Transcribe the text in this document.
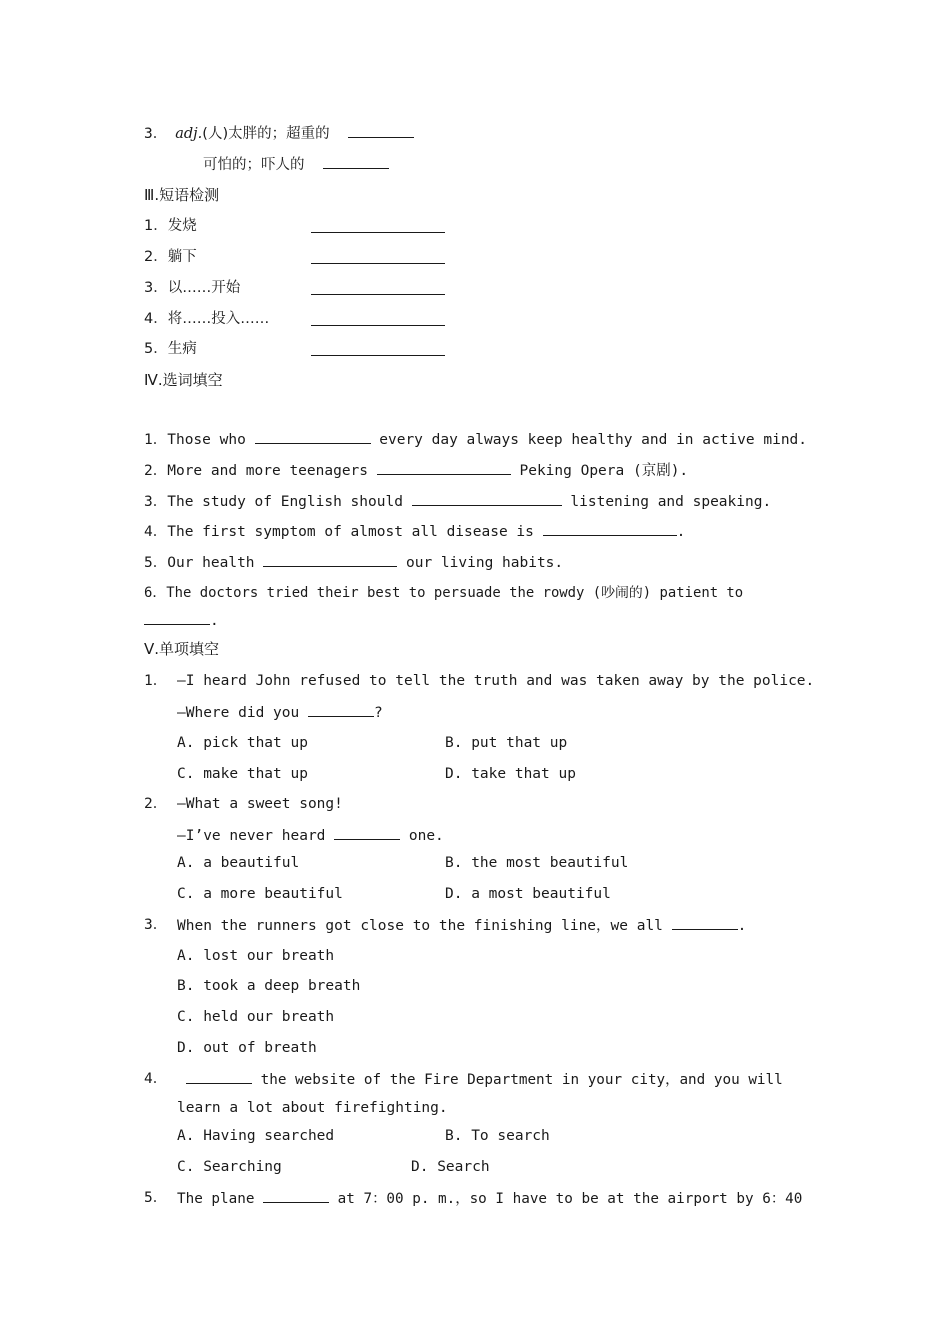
3． adj.(人)太胖的；超重的
可怕的；吓人的
Ⅲ.短语检测
1．发烧
2．躺下
3．以……开始
4．将……投入……
5．生病
Ⅳ.选词填空
1．Those who	every day always keep healthy and in active mind.
2．More and more teenagers	Peking Opera (京剧).
3．The study of English should	listening and speaking.
4．The first symptom of almost all disease is	.
5．Our health	our living habits.
6．The doctors tried their best to persuade the rowdy (吵闹的) patient to
.
Ⅴ.单项填空
1． —I heard John refused to tell the truth and was taken away by the police.
—Where did you	?
A. pick that up	B. put that up
C. make that up	D. take that up
2． —What a sweet song!
—I’ve never heard	one.
A. a beautiful	B. the most beautiful
C. a more beautiful	D. a most beautiful
3． When the runners got close to the finishing line，we all	.
A. lost our breath
B. took a deep breath
C. held our breath
D. out of breath
4．	the website of the Fire Department in your city，and you will
learn a lot about firefighting.
A. Having searched	B. To search
C. Searching	D. Search
5． The plane	at 7：00 p. m.，so I have to be at the airport by 6：40
